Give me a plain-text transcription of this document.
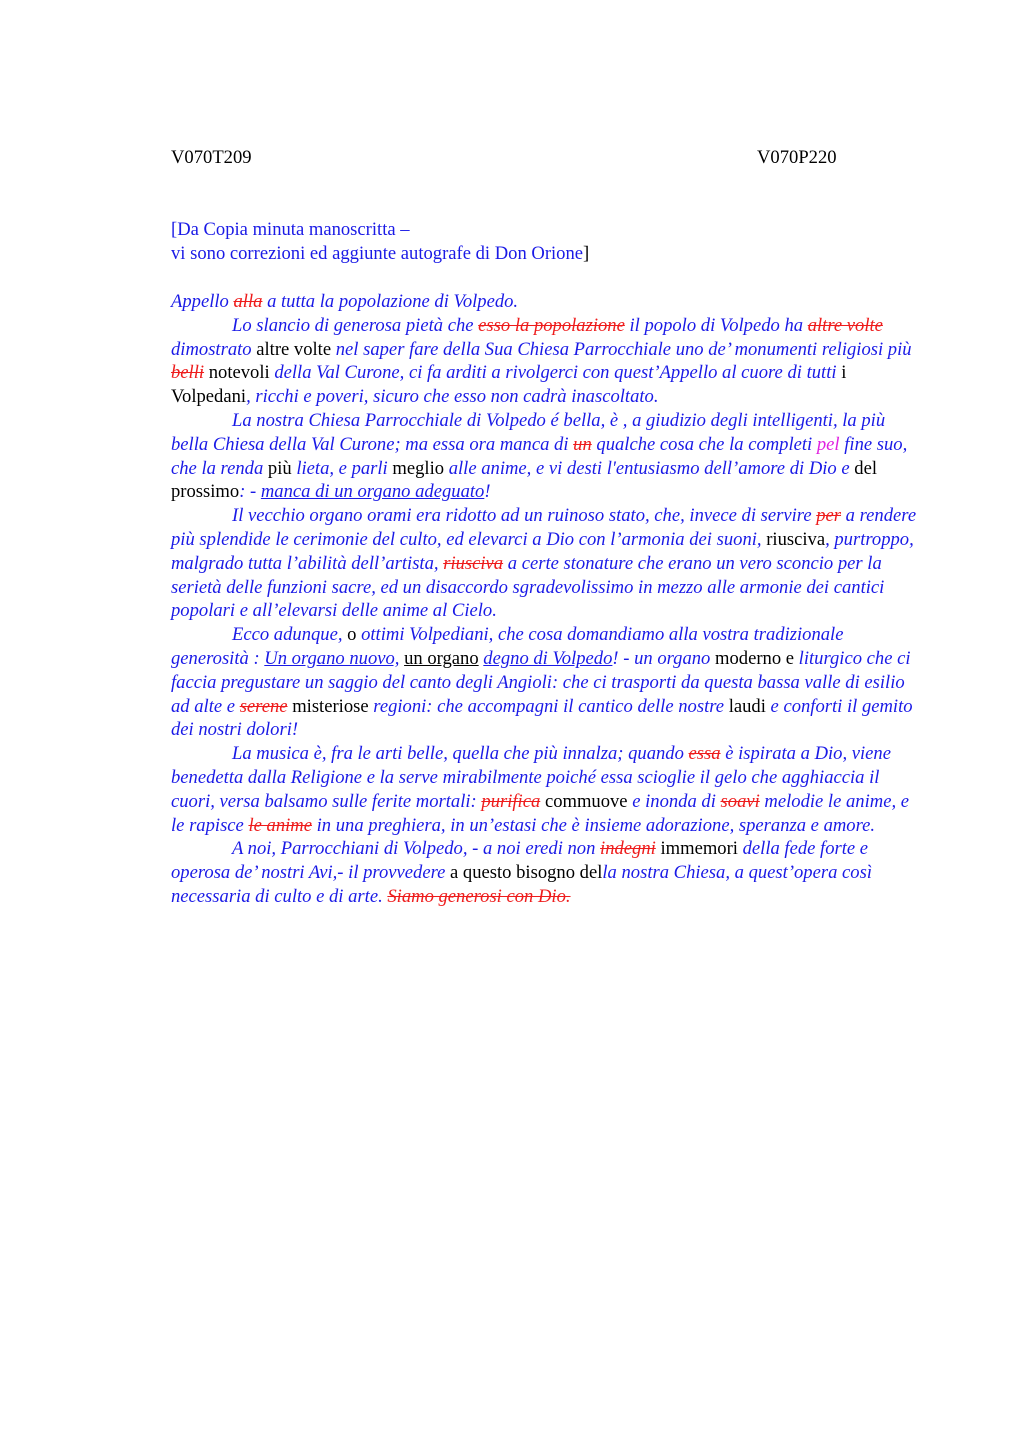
V070T209	V070P220
[Da Copia minuta manoscritta –
vi sono correzioni ed aggiunte autografe di Don Orione]

Appello alla a tutta la popolazione di Volpedo.

Lo slancio di generosa pietà che esso la popolazione il popolo di Volpedo ha altre volte dimostrato altre volte nel saper fare della Sua Chiesa Parrocchiale uno de’ monumenti religiosi più belli notevoli della Val Curone, ci fa arditi a rivolgerci con quest’Appello al cuore di tutti i Volpedani, ricchi e poveri, sicuro che esso non cadrà inascoltato.

La nostra Chiesa Parrocchiale di Volpedo é bella, è , a giudizio degli intelligenti, la più bella Chiesa della Val Curone; ma essa ora manca di un qualche cosa che la completi pel fine suo, che la renda più lieta, e parli meglio alle anime, e vi desti l'entusiasmo dell’amore di Dio e del prossimo: - manca di un organo adeguato!

Il vecchio organo orami era ridotto ad un ruinoso stato, che, invece di servire per a rendere più splendide le cerimonie del culto, ed elevarci a Dio con l’armonia dei suoni, riusciva, purtroppo, malgrado tutta l’abilità dell’artista, riusciva a certe stonature che erano un vero sconcio per la serietà delle funzioni sacre, ed un disaccordo sgradevolissimo in mezzo alle armonie dei cantici popolari e all’elevarsi delle anime al Cielo.

Ecco adunque, o ottimi Volpediani, che cosa domandiamo alla vostra tradizionale generosità : Un organo nuovo, un organo degno di Volpedo! - un organo moderno e liturgico che ci faccia pregustare un saggio del canto degli Angioli: che ci trasporti da questa bassa valle di esilio ad alte e serene misteriose regioni: che accompagni il cantico delle nostre laudi e conforti il gemito dei nostri dolori!

La musica è, fra le arti belle, quella che più innalza; quando essa è ispirata a Dio, viene benedetta dalla Religione e la serve mirabilmente poiché essa scioglie il gelo che agghiaccia il cuori, versa balsamo sulle ferite mortali: purifica commuove e inonda di soavi melodie le anime, e le rapisce le anime in una preghiera, in un’estasi che è insieme adorazione, speranza e amore.

A noi, Parrocchiani di Volpedo, - a noi eredi non indegni immemori della fede forte e operosa de’ nostri Avi,- il provvedere a questo bisogno della nostra Chiesa, a quest’opera così necessaria di culto e di arte. Siamo generosi con Dio.
